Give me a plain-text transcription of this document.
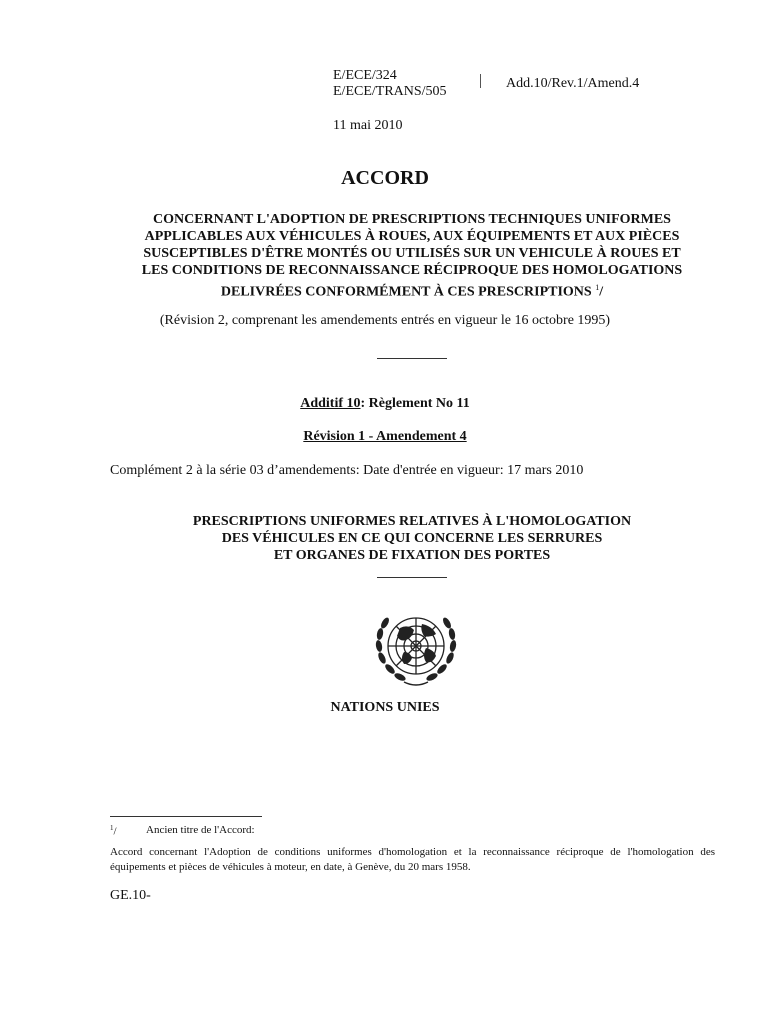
E/ECE/324
E/ECE/TRANS/505
Add.10/Rev.1/Amend.4
11 mai 2010
ACCORD
CONCERNANT L'ADOPTION DE PRESCRIPTIONS TECHNIQUES UNIFORMES
APPLICABLES AUX VÉHICULES À ROUES, AUX ÉQUIPEMENTS ET AUX PIÈCES
SUSCEPTIBLES D'ÊTRE MONTÉS OU UTILISÉS SUR UN VEHICULE À ROUES ET
LES CONDITIONS DE RECONNAISSANCE RÉCIPROQUE DES HOMOLOGATIONS
DELIVRÉES CONFORMÉMENT À CES PRESCRIPTIONS $^1$/
(Révision 2, comprenant les amendements entrés en vigueur le 16 octobre 1995)
Additif 10: Règlement No 11
Révision 1 - Amendement 4
Complément 2 à la série 03 d’amendements: Date d'entrée en vigueur: 17 mars 2010
PRESCRIPTIONS UNIFORMES RELATIVES À L'HOMOLOGATION
DES VÉHICULES EN CE QUI CONCERNE LES SERRURES
ET ORGANES DE FIXATION DES PORTES
NATIONS UNIES
$^1$/	Ancien titre de l'Accord:
Accord concernant l'Adoption de conditions uniformes d'homologation et la reconnaissance réciproque de l'homologation des équipements et pièces de véhicules à moteur, en date, à Genève, du 20 mars 1958.
GE.10-
